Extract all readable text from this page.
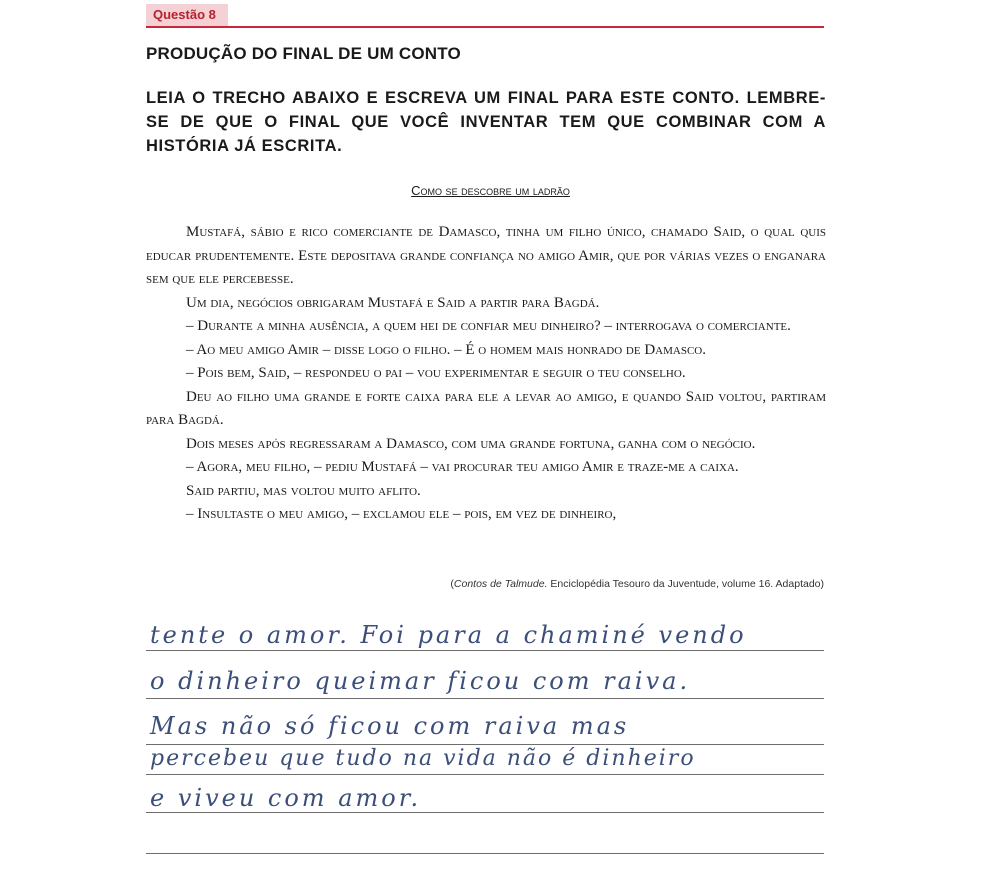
Questão 8
PRODUÇÃO DO FINAL DE UM CONTO
LEIA O TRECHO ABAIXO E ESCREVA UM FINAL PARA ESTE CONTO. LEMBRE-SE DE QUE O FINAL QUE VOCÊ INVENTAR TEM QUE COMBINAR COM A HISTÓRIA JÁ ESCRITA.
Como se descobre um ladrão

Mustafá, sábio e rico comerciante de Damasco, tinha um filho único, chamado Said, o qual quis educar prudentemente. Este depositava grande confiança no amigo Amir, que por várias vezes o enganara sem que ele percebesse.

Um dia, negócios obrigaram Mustafá e Said a partir para Bagdá.

– Durante a minha ausência, a quem hei de confiar meu dinheiro? – interrogava o comerciante.

– Ao meu amigo Amir – disse logo o filho. – É o homem mais honrado de Damasco.

– Pois bem, Said, – respondeu o pai – vou experimentar e seguir o teu conselho.

Deu ao filho uma grande e forte caixa para ele a levar ao amigo, e quando Said voltou, partiram para Bagdá.

Dois meses após regressaram a Damasco, com uma grande fortuna, ganha com o negócio.

– Agora, meu filho, – pediu Mustafá – vai procurar teu amigo Amir e traze-me a caixa.

Said partiu, mas voltou muito aflito.

– Insultaste o meu amigo, – exclamou ele – pois, em vez de dinheiro,

(Contos de Talmude. Enciclopédia Tesouro da Juventude, volume 16. Adaptado)
tente o amor. Foi para a chaminé vendo
o dinheiro queimar ficou com raiva.
Mas não só ficou com raiva mas
percebeu que tudo na vida não é dinheiro
e viveu com amor.
